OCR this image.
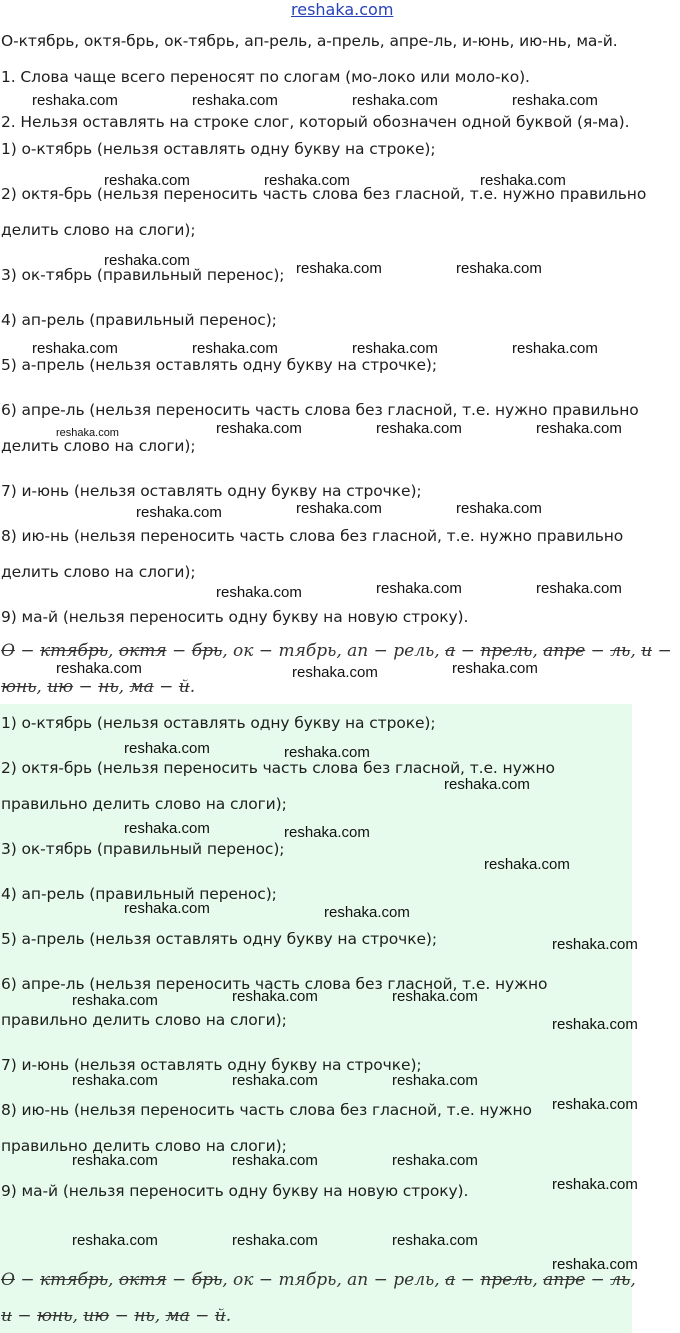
reshaka.com
О-ктябрь, октя-брь, ок-тябрь, ап-рель, а-прель, апре-ль, и-юнь, ию-нь, ма-й.
1. Слова чаще всего переносят по слогам (мо-локо или моло-ко).
2. Нельзя оставлять на строке слог, который обозначен одной буквой (я-ма).
1) о-ктябрь (нельзя оставлять одну букву на строке);
2) октя-брь (нельзя переносить часть слова без гласной, т.е. нужно правильно
делить слово на слоги);
3) ок-тябрь (правильный перенос);
4) ап-рель (правильный перенос);
5) а-прель (нельзя оставлять одну букву на строчке);
6) апре-ль (нельзя переносить часть слова без гласной, т.е. нужно правильно
делить слово на слоги);
7) и-юнь (нельзя оставлять одну букву на строчке);
8) ию-нь (нельзя переносить часть слова без гласной, т.е. нужно правильно
делить слово на слоги);
9) ма-й (нельзя переносить одну букву на новую строку).
О − ктябрь, октя − брь, ок − тябрь, ап − рель, а − прель, апре − ль, и −
юнь, ию − нь, ма − й.
1) о-ктябрь (нельзя оставлять одну букву на строке);
2) октя-брь (нельзя переносить часть слова без гласной, т.е. нужно
правильно делить слово на слоги);
3) ок-тябрь (правильный перенос);
4) ап-рель (правильный перенос);
5) а-прель (нельзя оставлять одну букву на строчке);
6) апре-ль (нельзя переносить часть слова без гласной, т.е. нужно
правильно делить слово на слоги);
7) и-юнь (нельзя оставлять одну букву на строчке);
8) ию-нь (нельзя переносить часть слова без гласной, т.е. нужно
правильно делить слово на слоги);
9) ма-й (нельзя переносить одну букву на новую строку).
О − ктябрь, октя − брь, ок − тябрь, ап − рель, а − прель, апре − ль,
и − юнь, ию − нь, ма − й.
reshaka.com	reshaka.com	reshaka.com	reshaka.com
reshaka.com	reshaka.com	reshaka.com
reshaka.com	reshaka.com	reshaka.com
reshaka.com	reshaka.com	reshaka.com	reshaka.com
reshaka.com	reshaka.com	reshaka.com	reshaka.com
reshaka.com	reshaka.com	reshaka.com
reshaka.com	reshaka.com	reshaka.com
reshaka.com	reshaka.com	reshaka.com
reshaka.com	reshaka.com
reshaka.com
reshaka.com	reshaka.com
reshaka.com
reshaka.com	reshaka.com
reshaka.com
reshaka.com	reshaka.com	reshaka.com
reshaka.com
reshaka.com	reshaka.com	reshaka.com
reshaka.com
reshaka.com	reshaka.com	reshaka.com
reshaka.com
reshaka.com	reshaka.com	reshaka.com
reshaka.com
